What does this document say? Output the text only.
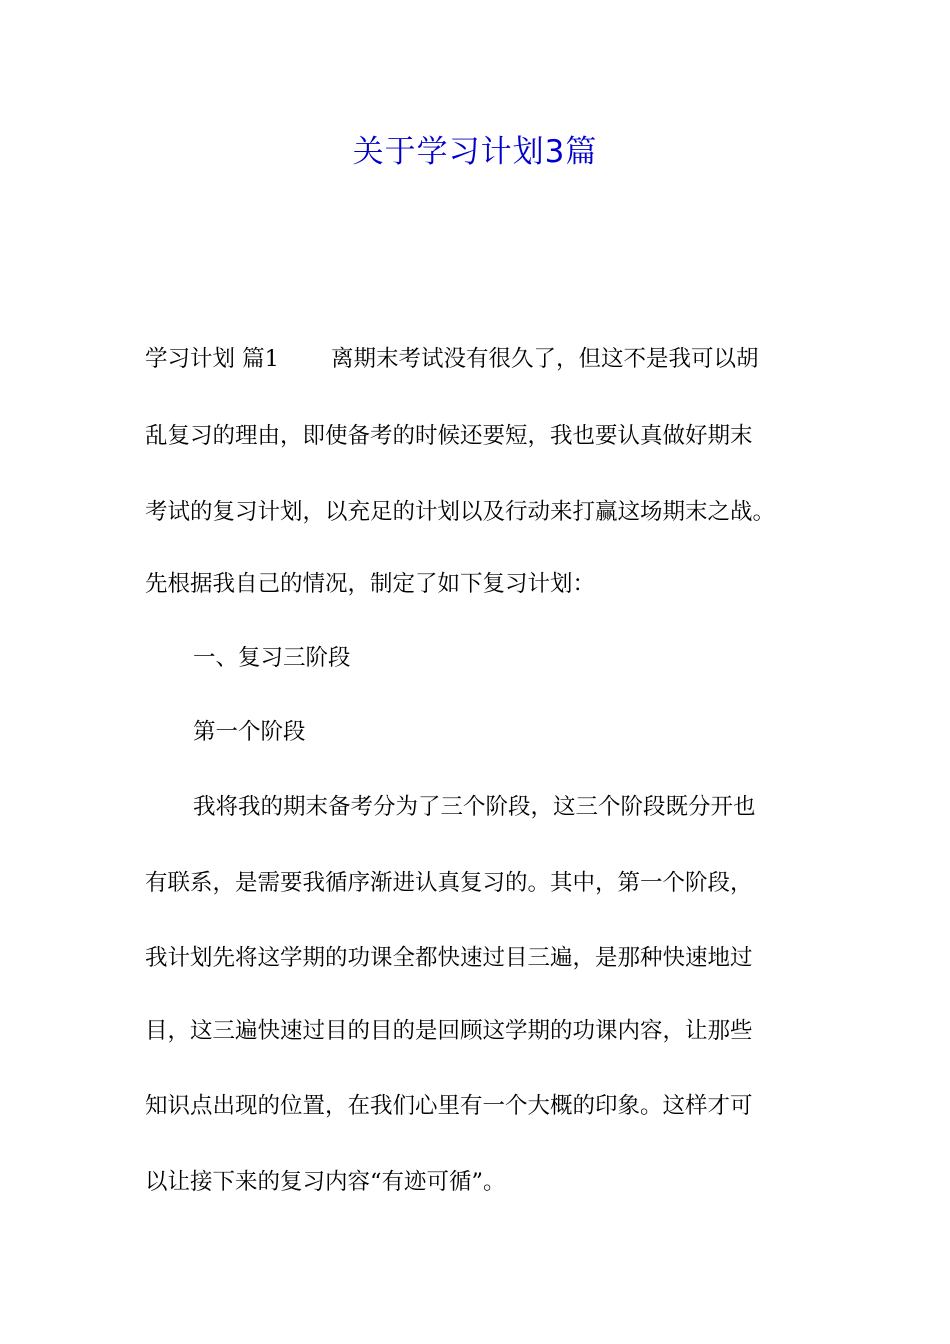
关于学习计划3篇
学习计划 篇1 离期末考试没有很久了，但这不是我可以胡
乱复习的理由，即使备考的时候还要短，我也要认真做好期末
考试的复习计划，以充足的计划以及行动来打赢这场期末之战。
先根据我自己的情况，制定了如下复习计划：
一、复习三阶段
第一个阶段
我将我的期末备考分为了三个阶段，这三个阶段既分开也
有联系，是需要我循序渐进认真复习的。其中，第一个阶段，
我计划先将这学期的功课全都快速过目三遍，是那种快速地过
目，这三遍快速过目的目的是回顾这学期的功课内容，让那些
知识点出现的位置，在我们心里有一个大概的印象。这样才可
以让接下来的复习内容“有迹可循”。
